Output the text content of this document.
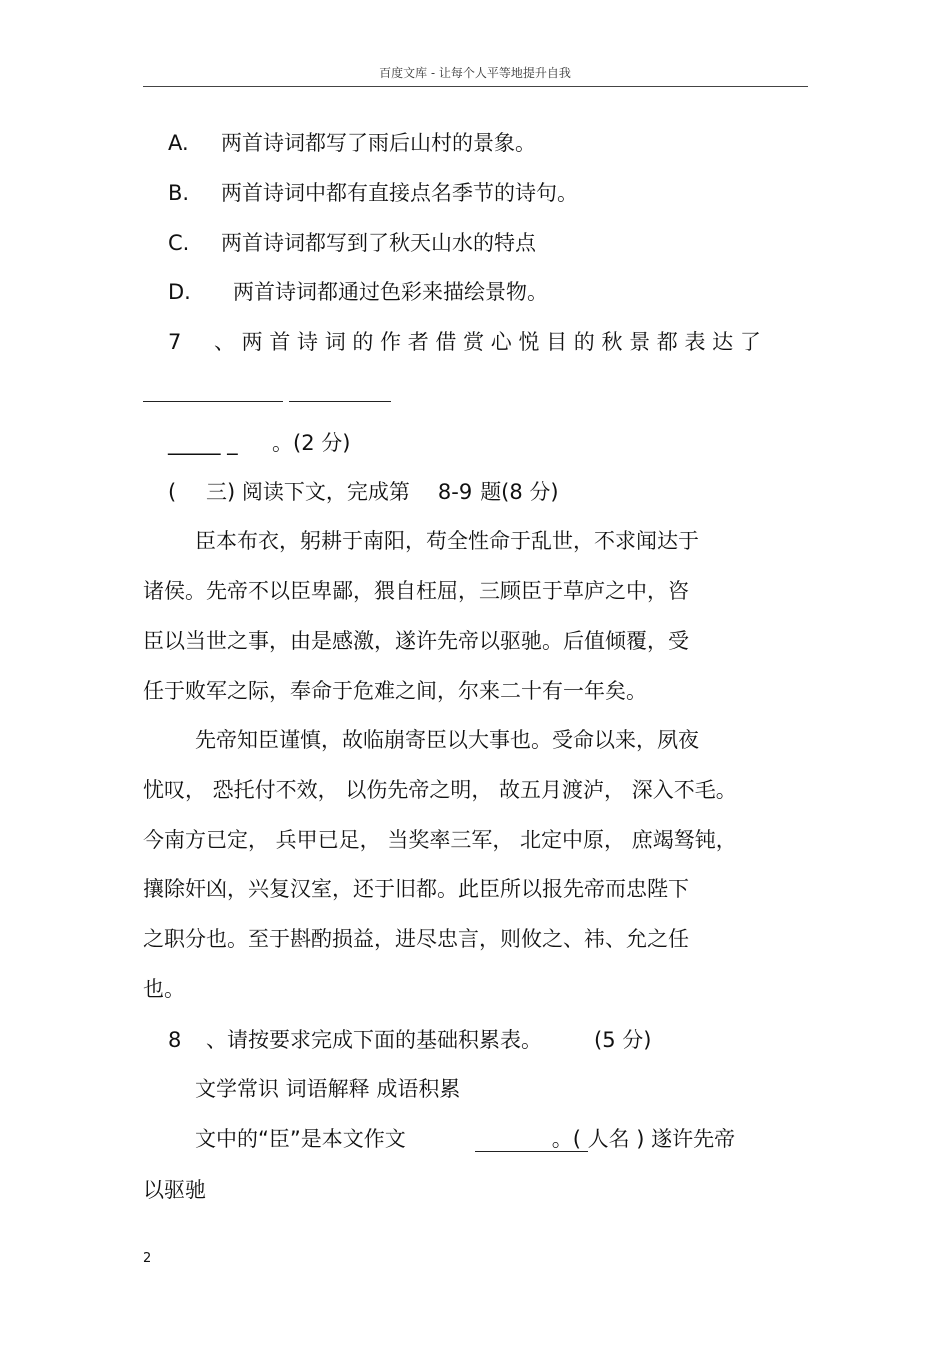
百度文库 - 让每个人平等地提升自我
A. 两首诗词都写了雨后山村的景象。
B. 两首诗词中都有直接点名季节的诗句。
C. 两首诗词都写到了秋天山水的特点
D. 两首诗词都通过色彩来描绘景物。
7 、 两 首 诗 词 的 作 者 借 赏 心 悦 目 的 秋 景 都 表 达 了
_____ _ 。(2 分)
( 三) 阅读下文，完成第 8-9 题(8 分)
臣本布衣，躬耕于南阳，苟全性命于乱世，不求闻达于
诸侯。先帝不以臣卑鄙，猥自枉屈，三顾臣于草庐之中，咨
臣以当世之事，由是感激，遂许先帝以驱驰。后值倾覆，受
任于败军之际，奉命于危难之间，尔来二十有一年矣。
先帝知臣谨慎，故临崩寄臣以大事也。受命以来，夙夜
忧叹， 恐托付不效， 以伤先帝之明， 故五月渡泸， 深入不毛。
今南方已定， 兵甲已足， 当奖率三军， 北定中原， 庶竭驽钝，
攘除奸凶，兴复汉室，还于旧都。此臣所以报先帝而忠陛下
之职分也。至于斟酌损益，进尽忠言，则攸之、祎、允之任
也。
8 、请按要求完成下面的基础积累表。 (5 分)
文学常识 词语解释 成语积累
文中的“臣”是本文作文	。( 人名 ) 遂许先帝
以驱驰
2
